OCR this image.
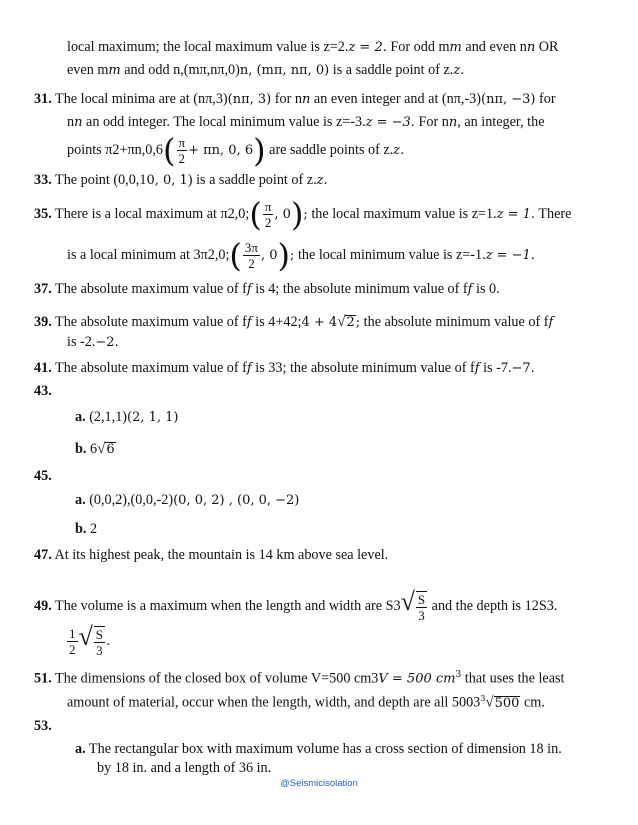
local maximum; the local maximum value is z=2.z = 2. For odd mm and even nn OR
even mm and odd n,(mπ,nπ,0)n, (mπ, nπ, 0) is a saddle point of z.z.
31. The local minima are at (nπ,3)(nπ, 3) for nn an even integer and at (nπ,-3)(nπ, −3) for
nn an odd integer. The local minimum value is z=-3.z = −3. For nn, an integer, the
points $\pi 2+\pi n,0,6( \frac{\pi}{2} + \pi n$, 0, 6) are saddle points of z.z.
33. The point (0,0,10, 0, 1) is a saddle point of z.z.
35. There is a local maximum at π2,0;( $\frac{\pi}{2}$ , 0); the local maximum value is z=1.z = 1. There
is a local minimum at 3π2,0;( $\frac{3\pi}{2}$ , 0); the local minimum value is z=-1.z = −1.
37. The absolute maximum value of ff is 4; the absolute minimum value of ff is 0.
39. The absolute maximum value of ff is 4+42;4 + 4√2; the absolute minimum value of ff
is -2.−2.
41. The absolute maximum value of ff is 33; the absolute minimum value of ff is -7.−7.
43.
a. (2,1,1)(2, 1, 1)
b. 6√6
45.
a. (0,0,2),(0,0,-2)(0, 0, 2) , (0, 0, −2)
b. 2
47. At its highest peak, the mountain is 14 km above sea level.
49. The volume is a maximum when the length and width are $S3√ \frac{S}{3}$ and the depth is 12S3.
$\frac{1}{2}$ √ $\frac{S}{3}$ .
51. The dimensions of the closed box of volume V=500 cm3V = 500 $cm^3$ that uses the least
amount of material, occur when the length, width, and depth are all 5003$^3$√500 cm.
53.
a. The rectangular box with maximum volume has a cross section of dimension 18 in.
by 18 in. and a length of 36 in.
@Seismicisolation
